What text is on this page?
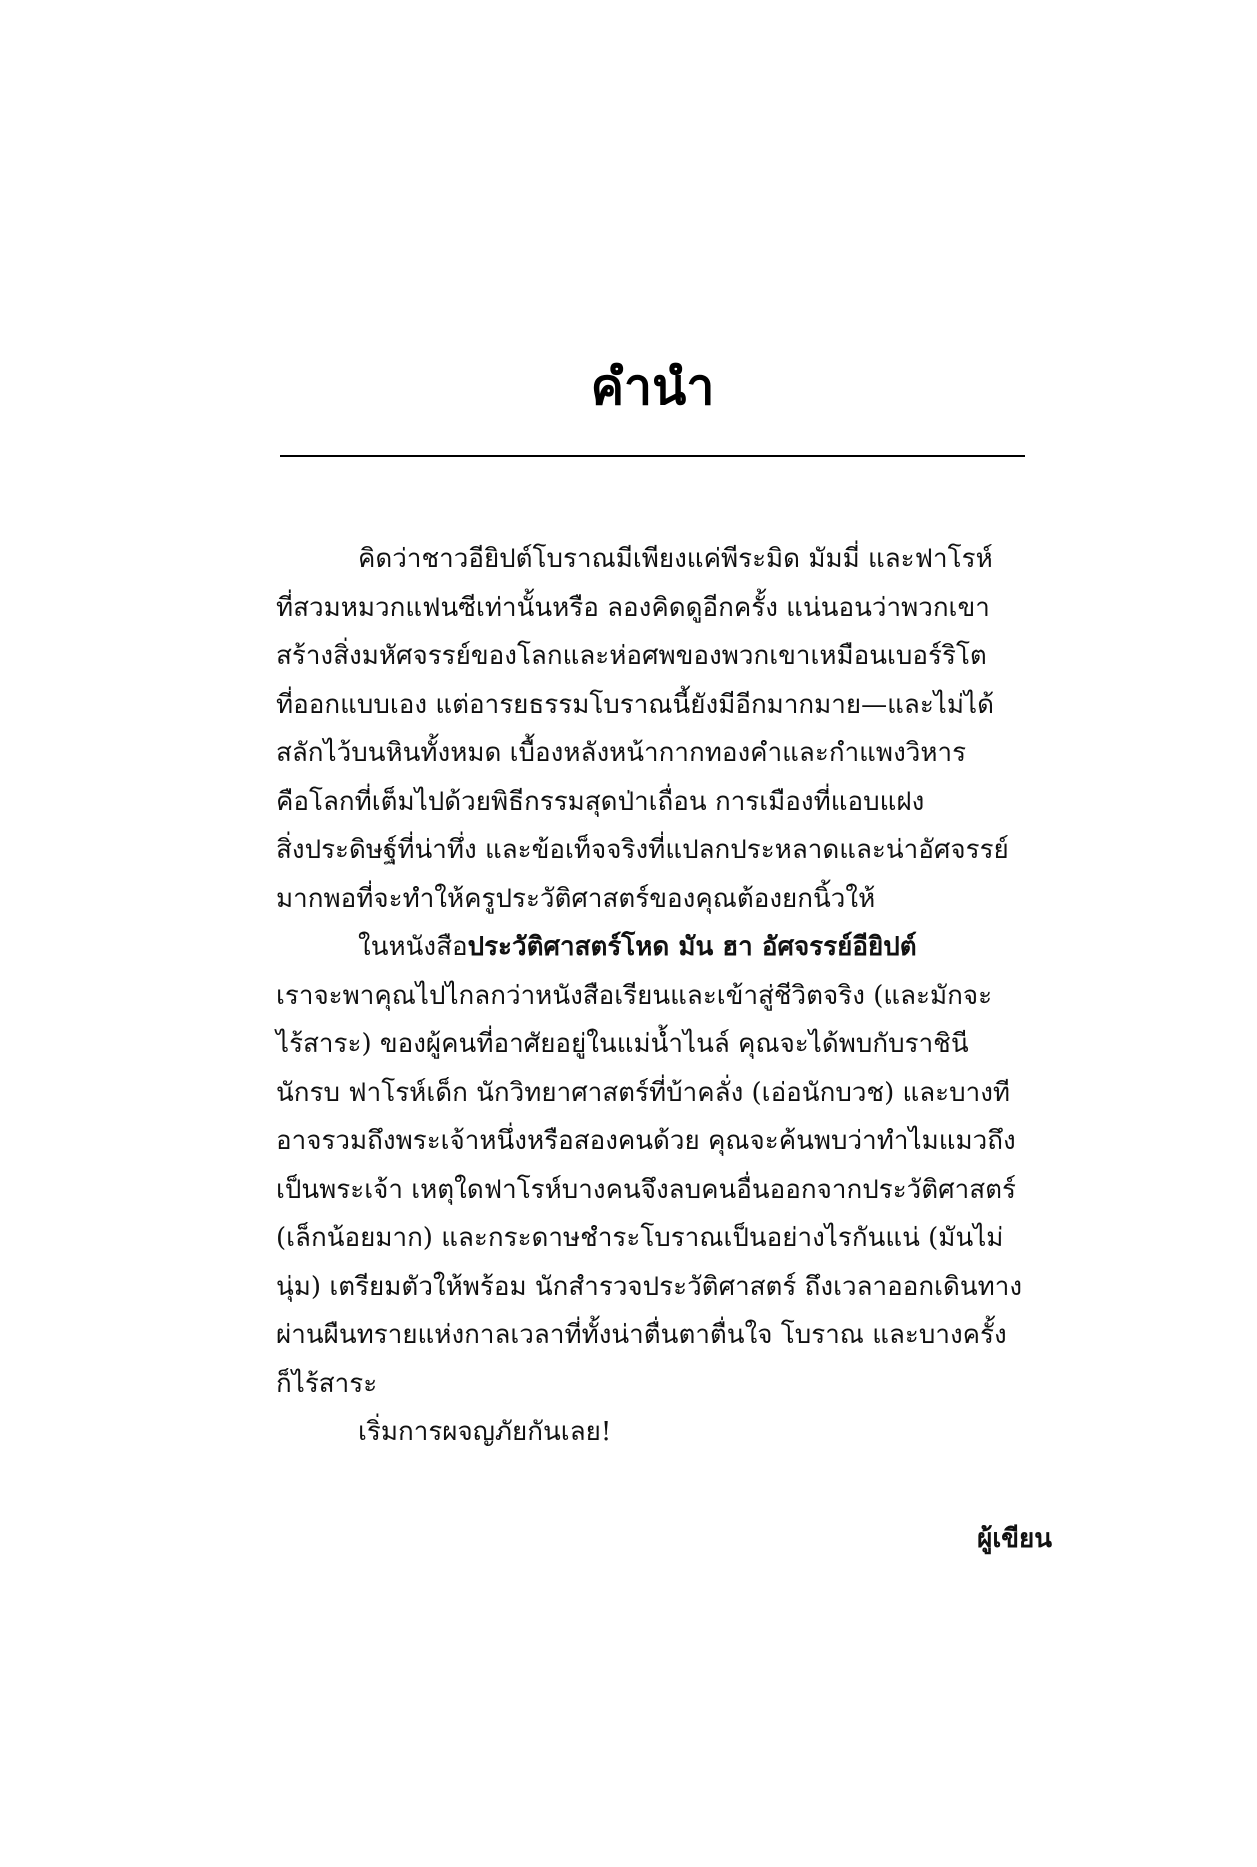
คำนำ
คิดว่าชาวอียิปต์โบราณมีเพียงแค่พีระมิด มัมมี่ และฟาโรห์
ที่สวมหมวกแฟนซีเท่านั้นหรือ ลองคิดดูอีกครั้ง แน่นอนว่าพวกเขา
สร้างสิ่งมหัศจรรย์ของโลกและห่อศพของพวกเขาเหมือนเบอร์ริโต
ที่ออกแบบเอง แต่อารยธรรมโบราณนี้ยังมีอีกมากมาย—และไม่ได้
สลักไว้บนหินทั้งหมด เบื้องหลังหน้ากากทองคำและกำแพงวิหาร
คือโลกที่เต็มไปด้วยพิธีกรรมสุดป่าเถื่อน การเมืองที่แอบแฝง
สิ่งประดิษฐ์ที่น่าทึ่ง และข้อเท็จจริงที่แปลกประหลาดและน่าอัศจรรย์
มากพอที่จะทำให้ครูประวัติศาสตร์ของคุณต้องยกนิ้วให้
ในหนังสือประวัติศาสตร์โหด มัน ฮา อัศจรรย์อียิปต์
เราจะพาคุณไปไกลกว่าหนังสือเรียนและเข้าสู่ชีวิตจริง (และมักจะ
ไร้สาระ) ของผู้คนที่อาศัยอยู่ในแม่น้ำไนล์ คุณจะได้พบกับราชินี
นักรบ ฟาโรห์เด็ก นักวิทยาศาสตร์ที่บ้าคลั่ง (เอ่อนักบวช) และบางที
อาจรวมถึงพระเจ้าหนึ่งหรือสองคนด้วย คุณจะค้นพบว่าทำไมแมวถึง
เป็นพระเจ้า เหตุใดฟาโรห์บางคนจึงลบคนอื่นออกจากประวัติศาสตร์
(เล็กน้อยมาก) และกระดาษชำระโบราณเป็นอย่างไรกันแน่ (มันไม่
นุ่ม) เตรียมตัวให้พร้อม นักสำรวจประวัติศาสตร์ ถึงเวลาออกเดินทาง
ผ่านผืนทรายแห่งกาลเวลาที่ทั้งน่าตื่นตาตื่นใจ โบราณ และบางครั้ง
ก็ไร้สาระ
เริ่มการผจญภัยกันเลย!
ผู้เขียน
